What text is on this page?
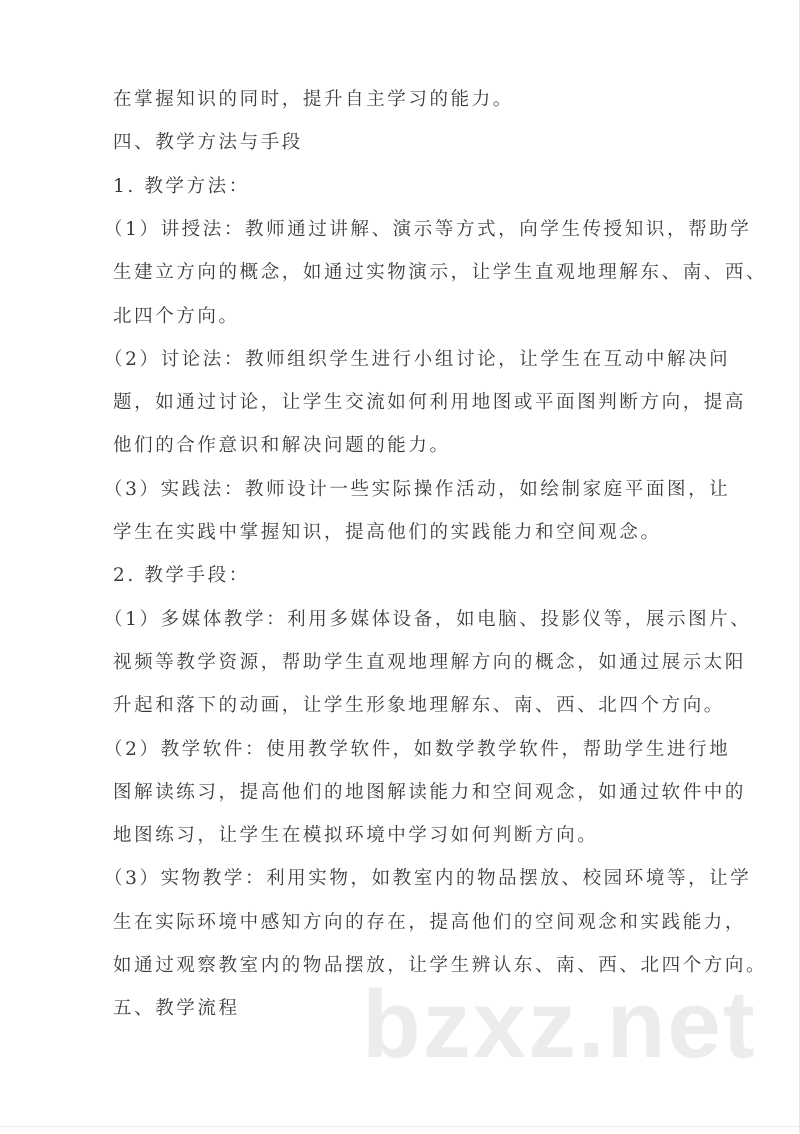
在掌握知识的同时，提升自主学习的能力。
四、教学方法与手段
1. 教学方法：
（1）讲授法：教师通过讲解、演示等方式，向学生传授知识，帮助学
生建立方向的概念，如通过实物演示，让学生直观地理解东、南、西、
北四个方向。
（2）讨论法：教师组织学生进行小组讨论，让学生在互动中解决问
题，如通过讨论，让学生交流如何利用地图或平面图判断方向，提高
他们的合作意识和解决问题的能力。
（3）实践法：教师设计一些实际操作活动，如绘制家庭平面图，让
学生在实践中掌握知识，提高他们的实践能力和空间观念。
2. 教学手段：
（1）多媒体教学：利用多媒体设备，如电脑、投影仪等，展示图片、
视频等教学资源，帮助学生直观地理解方向的概念，如通过展示太阳
升起和落下的动画，让学生形象地理解东、南、西、北四个方向。
（2）教学软件：使用教学软件，如数学教学软件，帮助学生进行地
图解读练习，提高他们的地图解读能力和空间观念，如通过软件中的
地图练习，让学生在模拟环境中学习如何判断方向。
（3）实物教学：利用实物，如教室内的物品摆放、校园环境等，让学
生在实际环境中感知方向的存在，提高他们的空间观念和实践能力，
如通过观察教室内的物品摆放，让学生辨认东、南、西、北四个方向。
五、教学流程 bzxz.net
